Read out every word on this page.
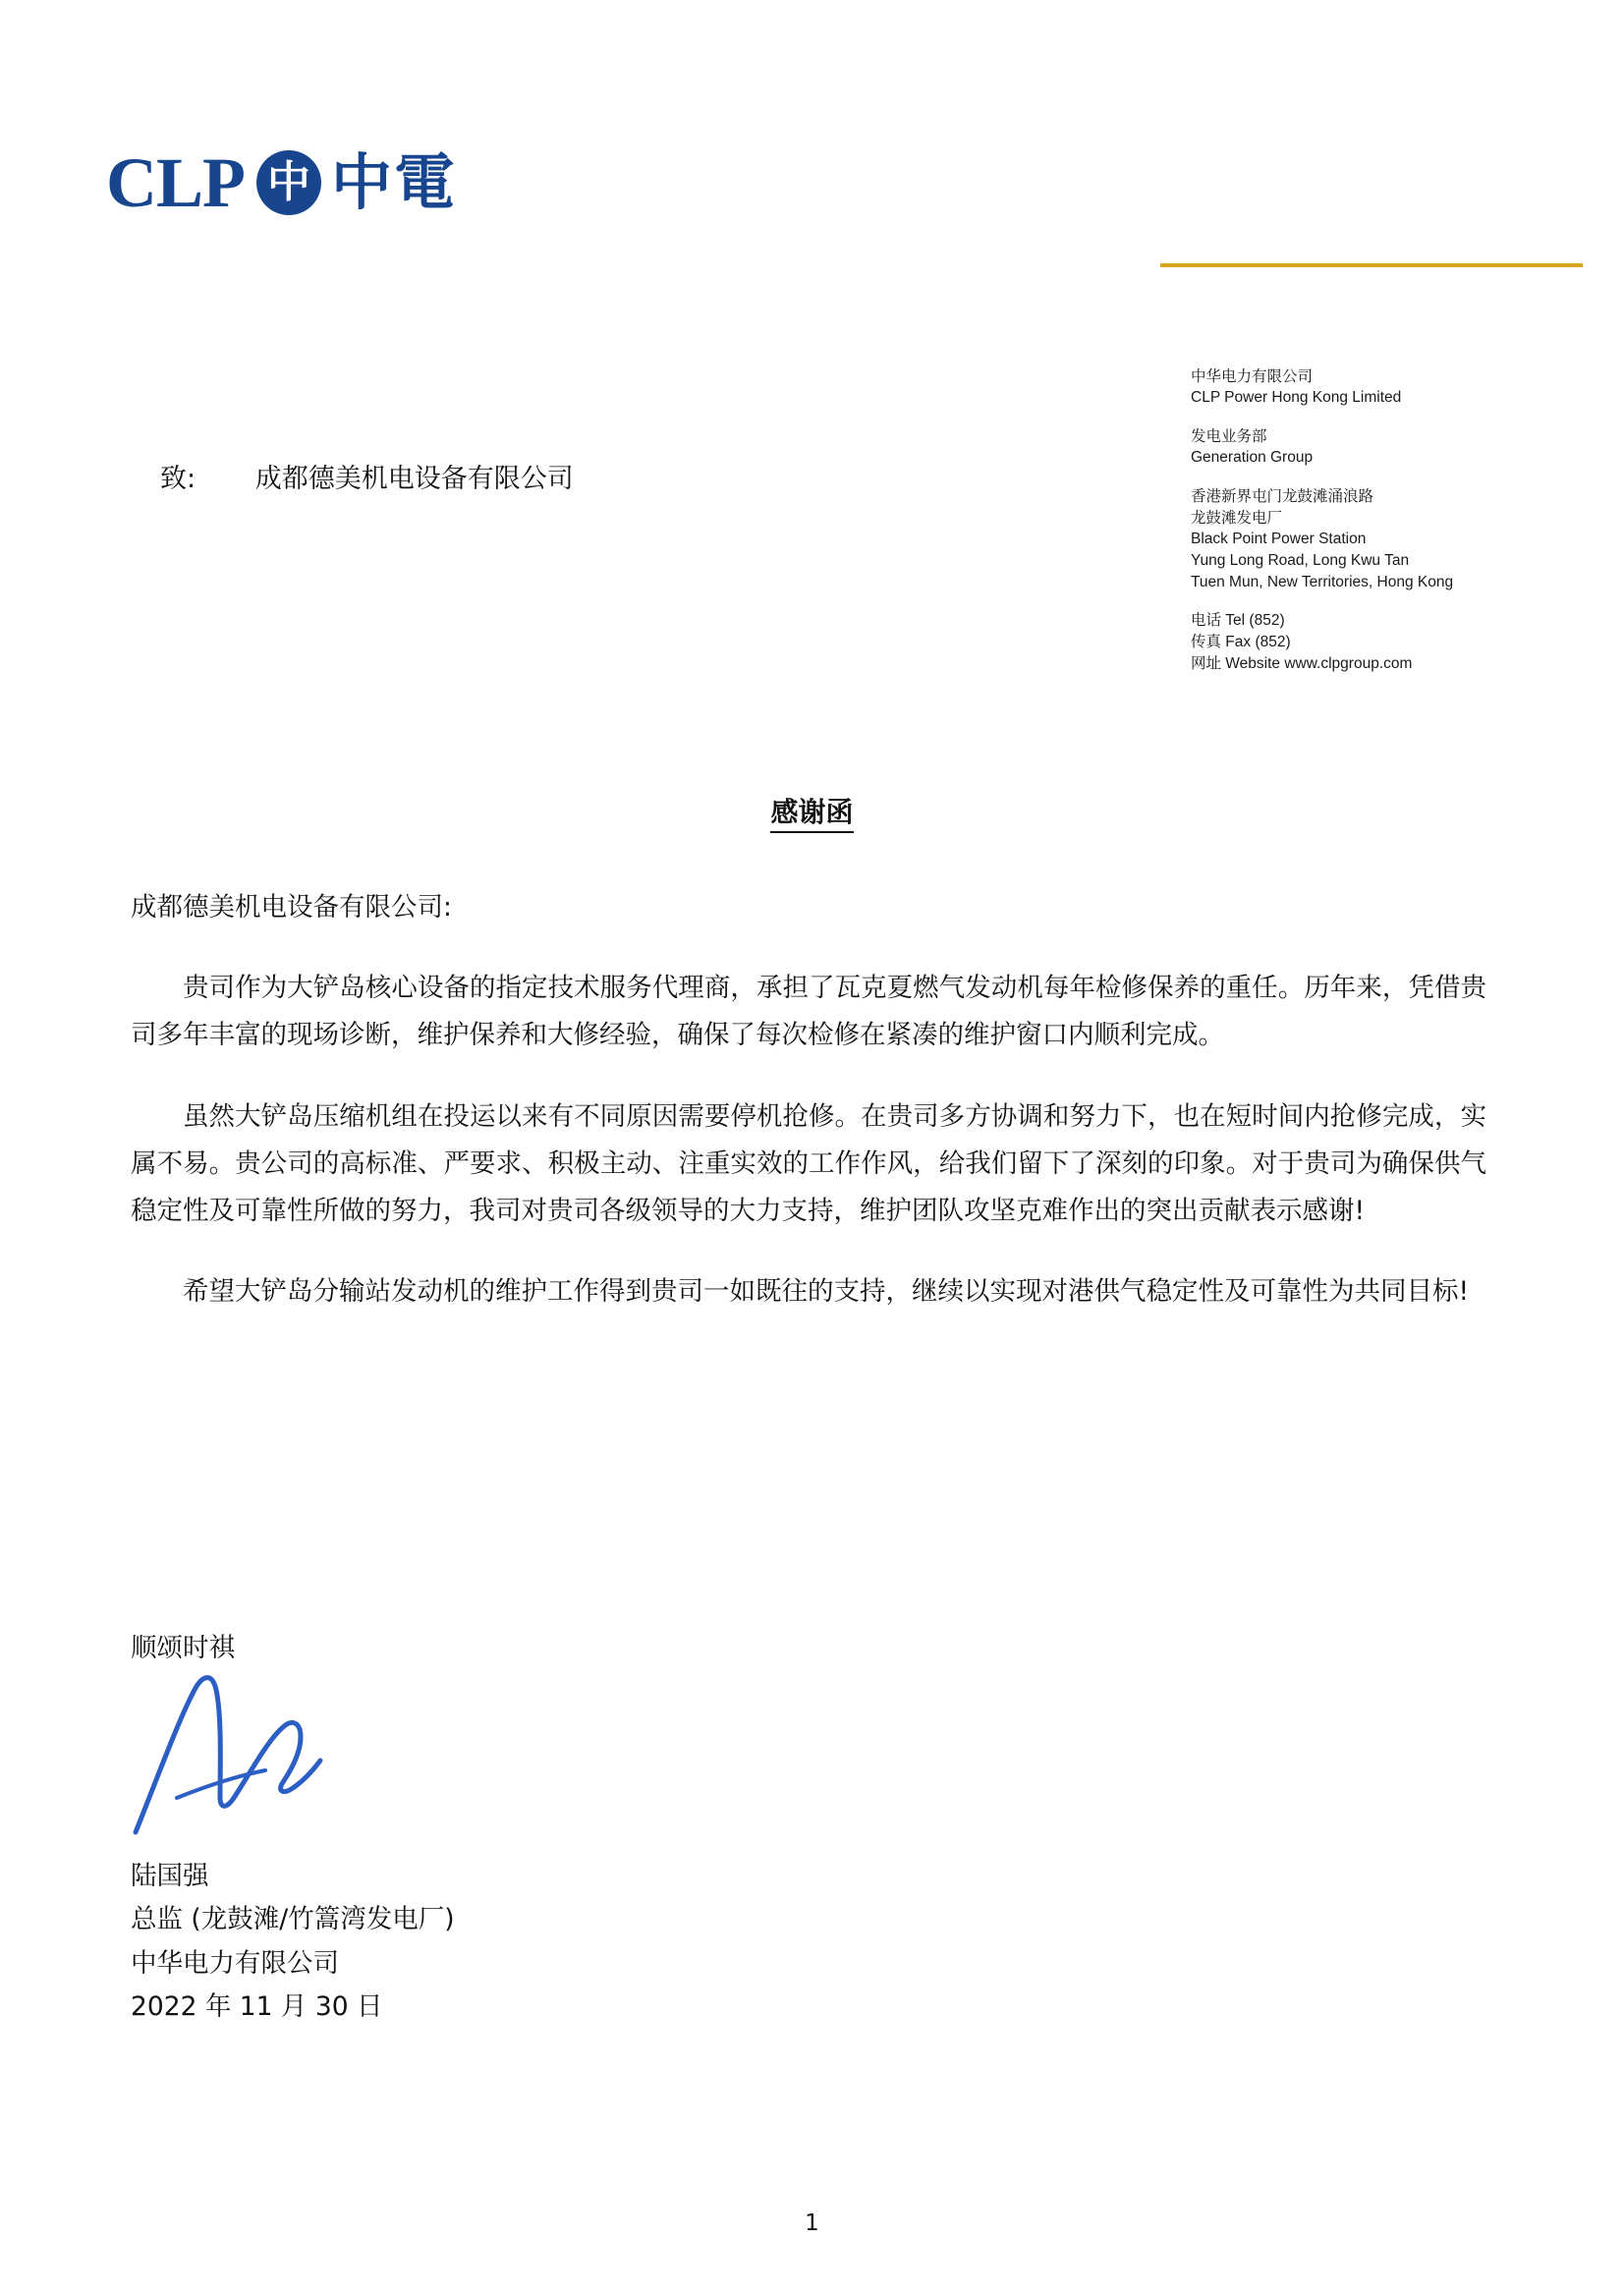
CLP 中 中電
中华电力有限公司
CLP Power Hong Kong Limited
发电业务部
Generation Group
香港新界屯门龙鼓滩涌浪路
龙鼓滩发电厂
Black Point Power Station
Yung Long Road, Long Kwu Tan
Tuen Mun, New Territories, Hong Kong
电话 Tel (852)
传真 Fax (852)
网址 Website www.clpgroup.com
致: 成都德美机电设备有限公司
感谢函

成都德美机电设备有限公司:

贵司作为大铲岛核心设备的指定技术服务代理商，承担了瓦克夏燃气发动机每年检修保养的重任。历年来，凭借贵司多年丰富的现场诊断，维护保养和大修经验，确保了每次检修在紧凑的维护窗口内顺利完成。

虽然大铲岛压缩机组在投运以来有不同原因需要停机抢修。在贵司多方协调和努力下，也在短时间内抢修完成，实属不易。贵公司的高标准、严要求、积极主动、注重实效的工作作风，给我们留下了深刻的印象。对于贵司为确保供气稳定性及可靠性所做的努力，我司对贵司各级领导的大力支持，维护团队攻坚克难作出的突出贡献表示感谢!

希望大铲岛分输站发动机的维护工作得到贵司一如既往的支持，继续以实现对港供气稳定性及可靠性为共同目标!

顺颂时祺
陆国强
总监 (龙鼓滩/竹篙湾发电厂)
中华电力有限公司
2022 年 11 月 30 日
1
